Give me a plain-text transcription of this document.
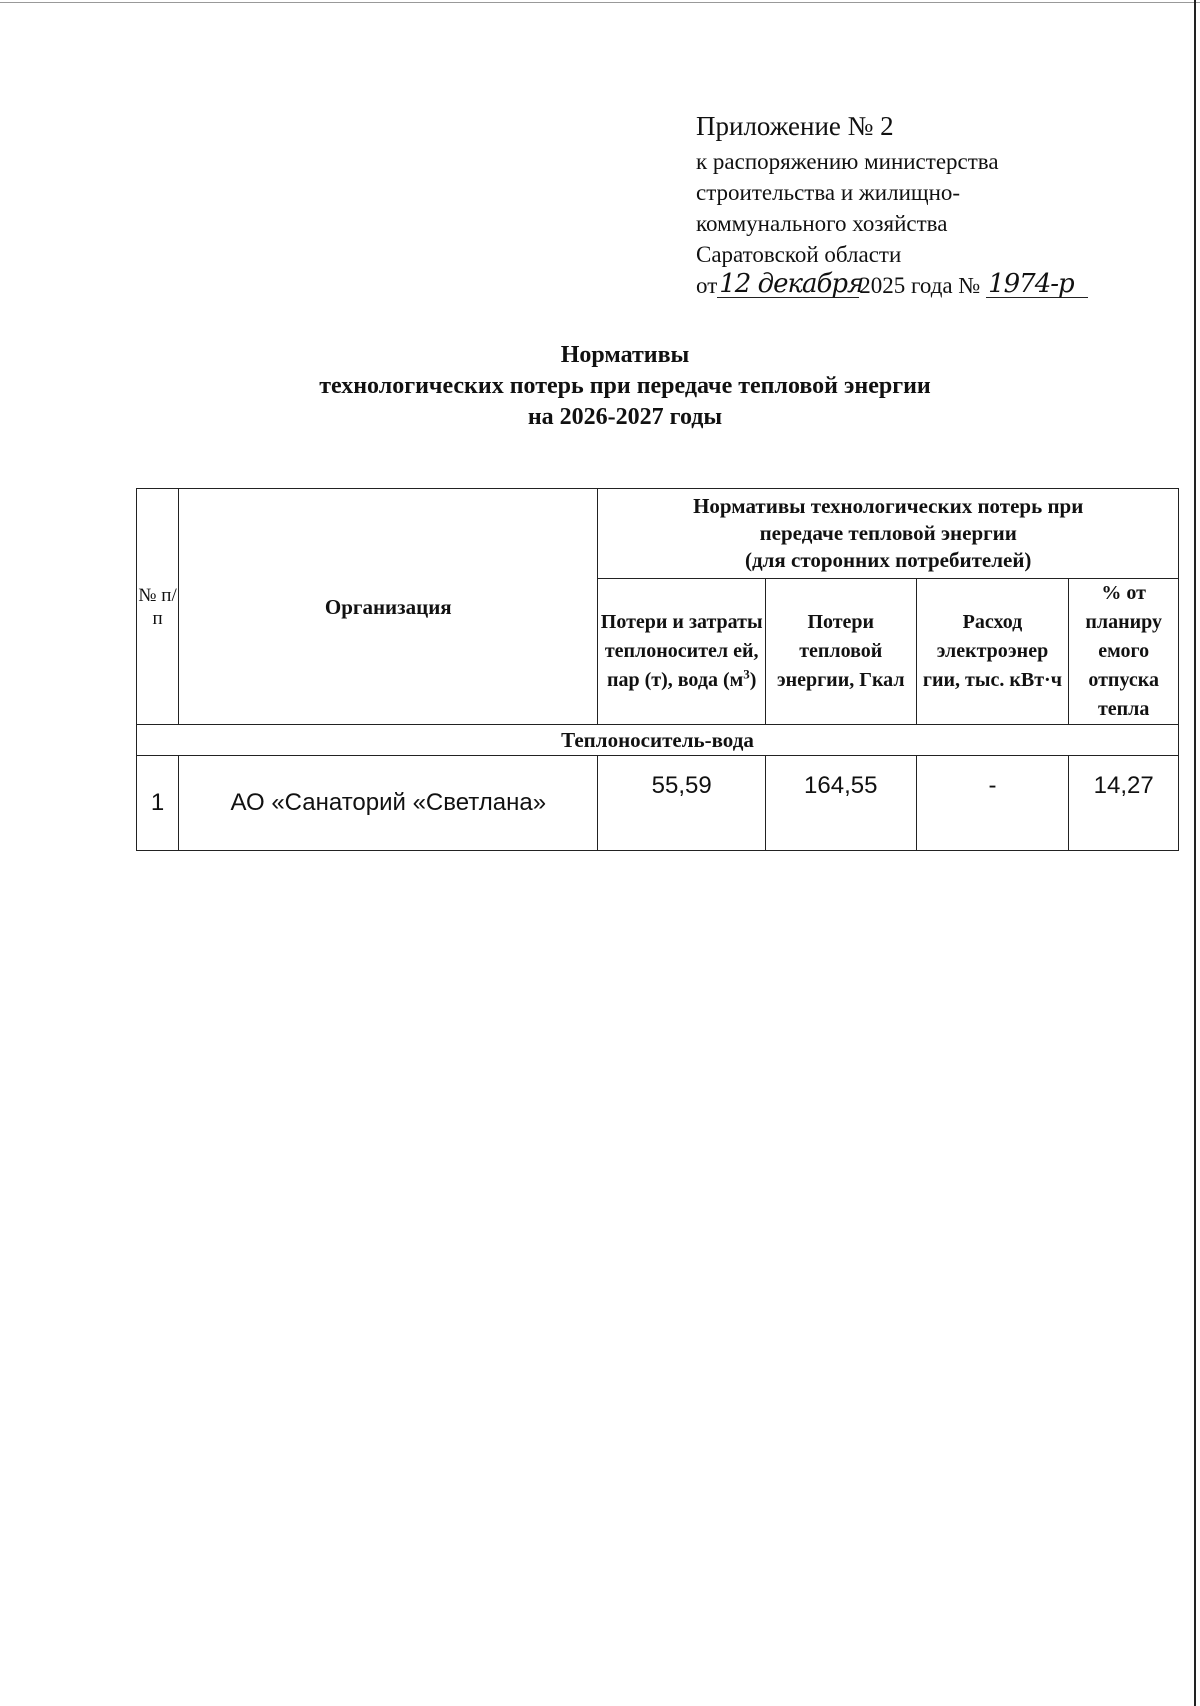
Приложение № 2
к распоряжению министерства
строительства и жилищно-
коммунального хозяйства
Саратовской области
от12 декабря2025 года № 1974-р
Нормативы
технологических потерь при передаче тепловой энергии
на 2026-2027 годы
№ п/п	Организация	Нормативы технологических потерь при
передаче тепловой энергии
(для сторонних потребителей)			

		Потери и затраты теплоносител ей, пар (т), вода $(м^3)$	Потери тепловой энергии, Гкал	Расход электроэнер гии, тыс. кВт·ч	% от планиру емого отпуска тепла
Теплоноситель-вода					
1	АО «Санаторий «Светлана»	55,59	164,55	-	14,27
